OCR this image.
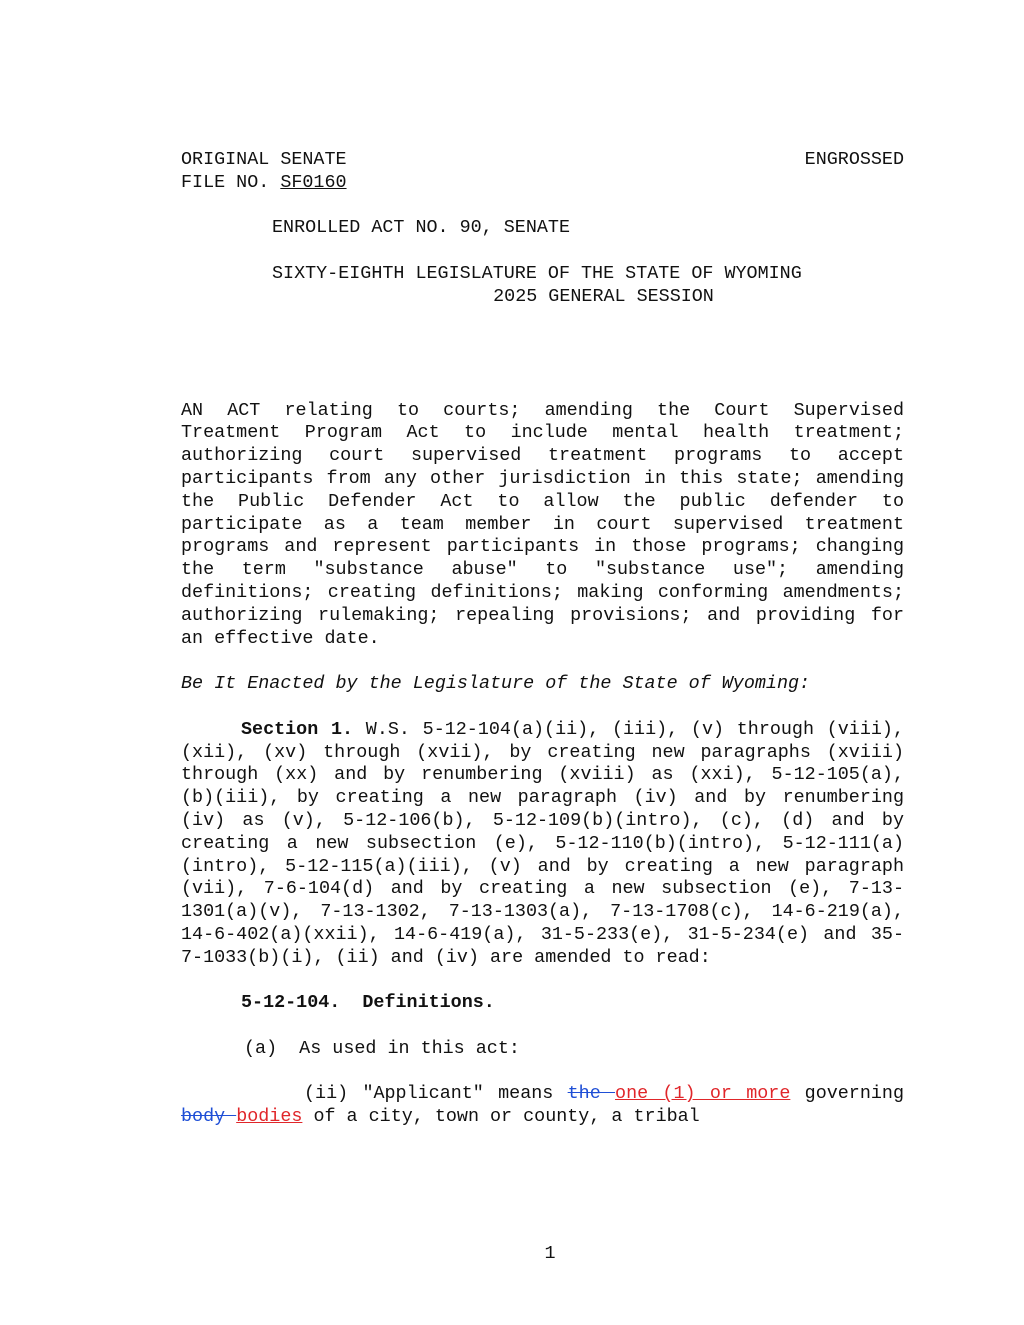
ORIGINAL SENATE	ENGROSSED
FILE NO. SF0160
ENROLLED ACT NO. 90, SENATE
SIXTY-EIGHTH LEGISLATURE OF THE STATE OF WYOMING
2025 GENERAL SESSION
AN ACT relating to courts; amending the Court Supervised Treatment Program Act to include mental health treatment; authorizing court supervised treatment programs to accept participants from any other jurisdiction in this state; amending the Public Defender Act to allow the public defender to participate as a team member in court supervised treatment programs and represent participants in those programs; changing the term "substance abuse" to "substance use"; amending definitions; creating definitions; making conforming amendments; authorizing rulemaking; repealing provisions; and providing for an effective date.
Be It Enacted by the Legislature of the State of Wyoming:
Section 1. W.S. 5-12-104(a)(ii), (iii), (v) through (viii), (xii), (xv) through (xvii), by creating new paragraphs (xviii) through (xx) and by renumbering (xviii) as (xxi), 5-12-105(a), (b)(iii), by creating a new paragraph (iv) and by renumbering (iv) as (v), 5-12-106(b), 5-12-109(b)(intro), (c), (d) and by creating a new subsection (e), 5-12-110(b)(intro), 5-12-111(a)(intro), 5-12-115(a)(iii), (v) and by creating a new paragraph (vii), 7-6-104(d) and by creating a new subsection (e), 7-13-1301(a)(v), 7-13-1302, 7-13-1303(a), 7-13-1708(c), 14-6-219(a), 14-6-402(a)(xxii), 14-6-419(a), 31-5-233(e), 31-5-234(e) and 35-7-1033(b)(i), (ii) and (iv) are amended to read:
5-12-104.  Definitions.
(a)  As used in this act:
(ii) "Applicant" means the one (1) or more governing body bodies of a city, town or county, a tribal
1
